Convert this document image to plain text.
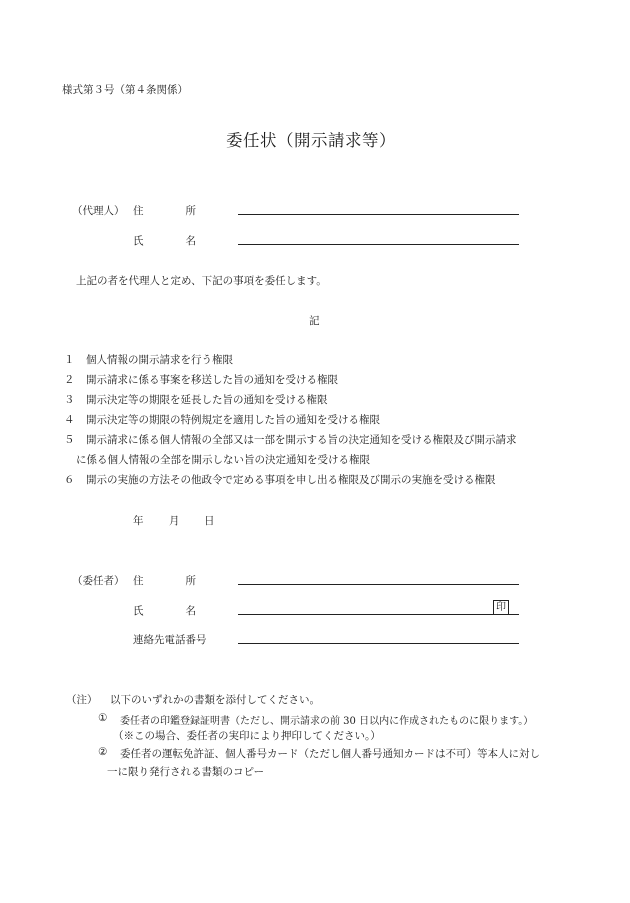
様式第３号（第４条関係）
委任状（開示請求等）
（代理人） 住　　　　所
氏　　　　名
上記の者を代理人と定め、下記の事項を委任します。
記
１ 個人情報の開示請求を行う権限
２ 開示請求に係る事案を移送した旨の通知を受ける権限
３ 開示決定等の期限を延長した旨の通知を受ける権限
４ 開示決定等の期限の特例規定を適用した旨の通知を受ける権限
５ 開示請求に係る個人情報の全部又は一部を開示する旨の決定通知を受ける権限及び開示請求
に係る個人情報の全部を開示しない旨の決定通知を受ける権限
６ 開示の実施の方法その他政令で定める事項を申し出る権限及び開示の実施を受ける権限
年 月 日
（委任者） 住　　　　所
氏　　　　名	印
連絡先電話番号
（注） 以下のいずれかの書類を添付してください。
① 委任者の印鑑登録証明書（ただし、開示請求の前 30 日以内に作成されたものに限ります。）
（※この場合、委任者の実印により押印してください。）
② 委任者の運転免許証、個人番号カード（ただし個人番号通知カードは不可）等本人に対し
一に限り発行される書類のコピー
